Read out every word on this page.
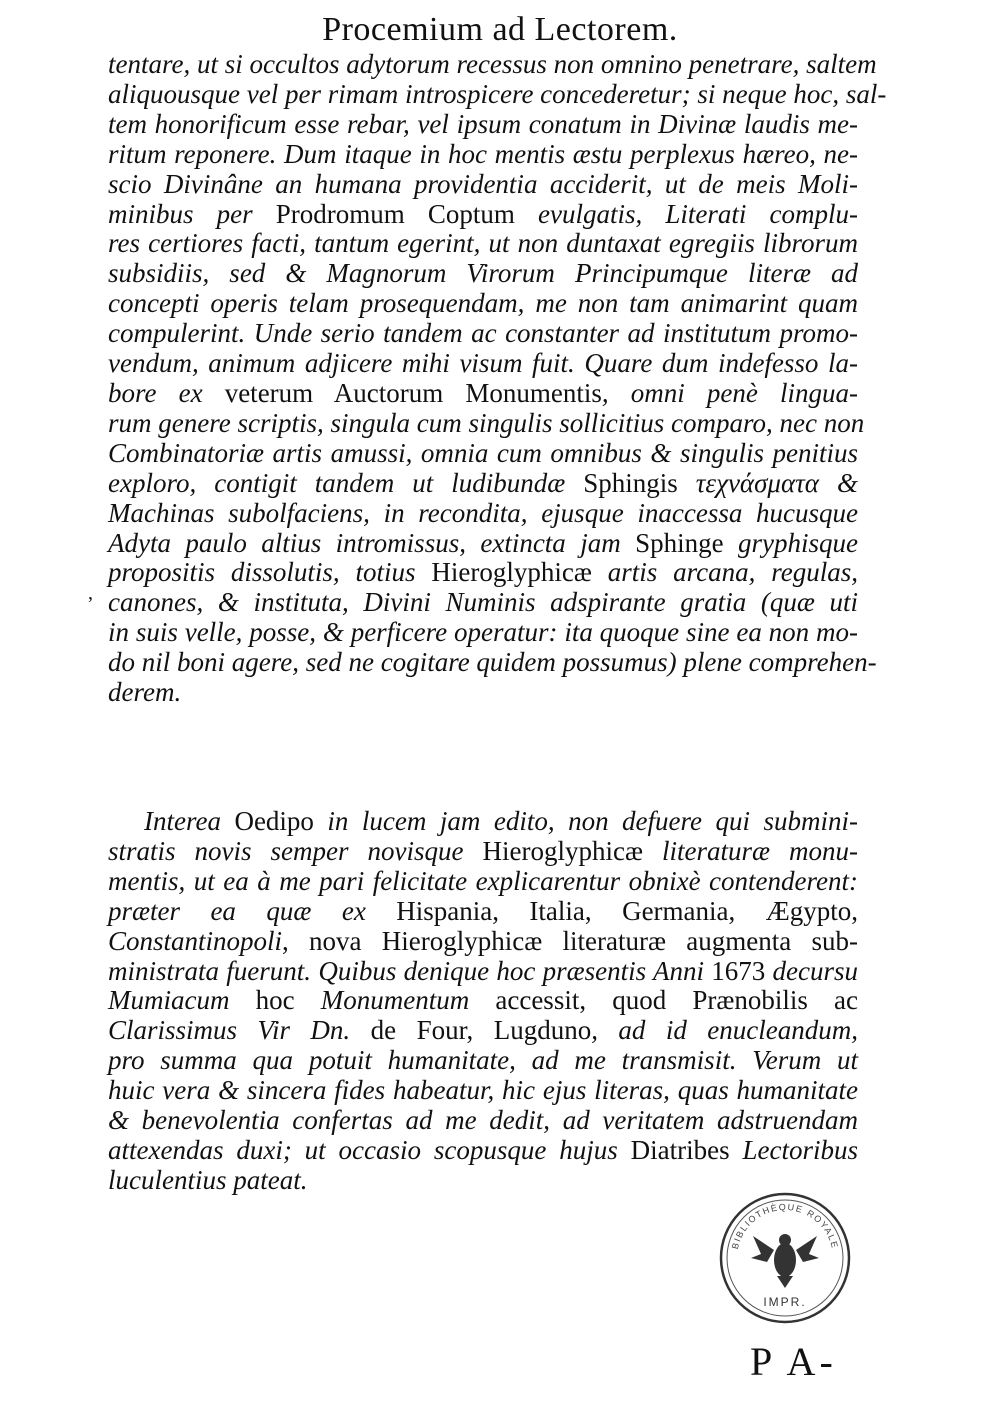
Procemium ad Lectorem.
,
tentare, ut si occultos adytorum recessus non omnino penetrare, saltem
aliquousque vel per rimam introspicere concederetur; si neque hoc, sal-
tem honorificum esse rebar, vel ipsum conatum in Divinæ laudis me-
ritum reponere. Dum itaque in hoc mentis æstu perplexus hæreo, ne-
scio Divinâne an humana providentia acciderit, ut de meis Moli-
minibus per Prodromum Coptum evulgatis, Literati complu-
res certiores facti, tantum egerint, ut non duntaxat egregiis librorum
subsidiis, sed & Magnorum Virorum Principumque literæ ad
concepti operis telam prosequendam, me non tam animarint quam
compulerint. Unde serio tandem ac constanter ad institutum promo-
vendum, animum adjicere mihi visum fuit. Quare dum indefesso la-
bore ex veterum Auctorum Monumentis, omni penè lingua-
rum genere scriptis, singula cum singulis sollicitius comparo, nec non
Combinatoriæ artis amussi, omnia cum omnibus & singulis penitius
exploro, contigit tandem ut ludibundæ Sphingis τεχνάσματα &
Machinas subolfaciens, in recondita, ejusque inaccessa hucusque
Adyta paulo altius intromissus, extincta jam Sphinge gryphisque
propositis dissolutis, totius Hieroglyphicæ artis arcana, regulas,
canones, & instituta, Divini Numinis adspirante gratia (quæ uti
in suis velle, posse, & perficere operatur: ita quoque sine ea non mo-
do nil boni agere, sed ne cogitare quidem possumus) plene comprehen-
derem.
Interea Oedipo in lucem jam edito, non defuere qui submini-
stratis novis semper novisque Hieroglyphicæ literaturæ monu-
mentis, ut ea à me pari felicitate explicarentur obnixè contenderent:
præter ea quæ ex Hispania, Italia, Germania, Ægypto,
Constantinopoli, nova Hieroglyphicæ literaturæ augmenta sub-
ministrata fuerunt. Quibus denique hoc præsentis Anni 1673 decursu
Mumiacum hoc Monumentum accessit, quod Prænobilis ac
Clarissimus Vir Dn. de Four, Lugduno, ad id enucleandum,
pro summa qua potuit humanitate, ad me transmisit. Verum ut
huic vera & sincera fides habeatur, hic ejus literas, quas humanitate
& benevolentia confertas ad me dedit, ad veritatem adstruendam
attexendas duxi; ut occasio scopusque hujus Diatribes Lectoribus
luculentius pateat.
BIBLIOTHÈQUE ROYALE
IMPR.
P A-
